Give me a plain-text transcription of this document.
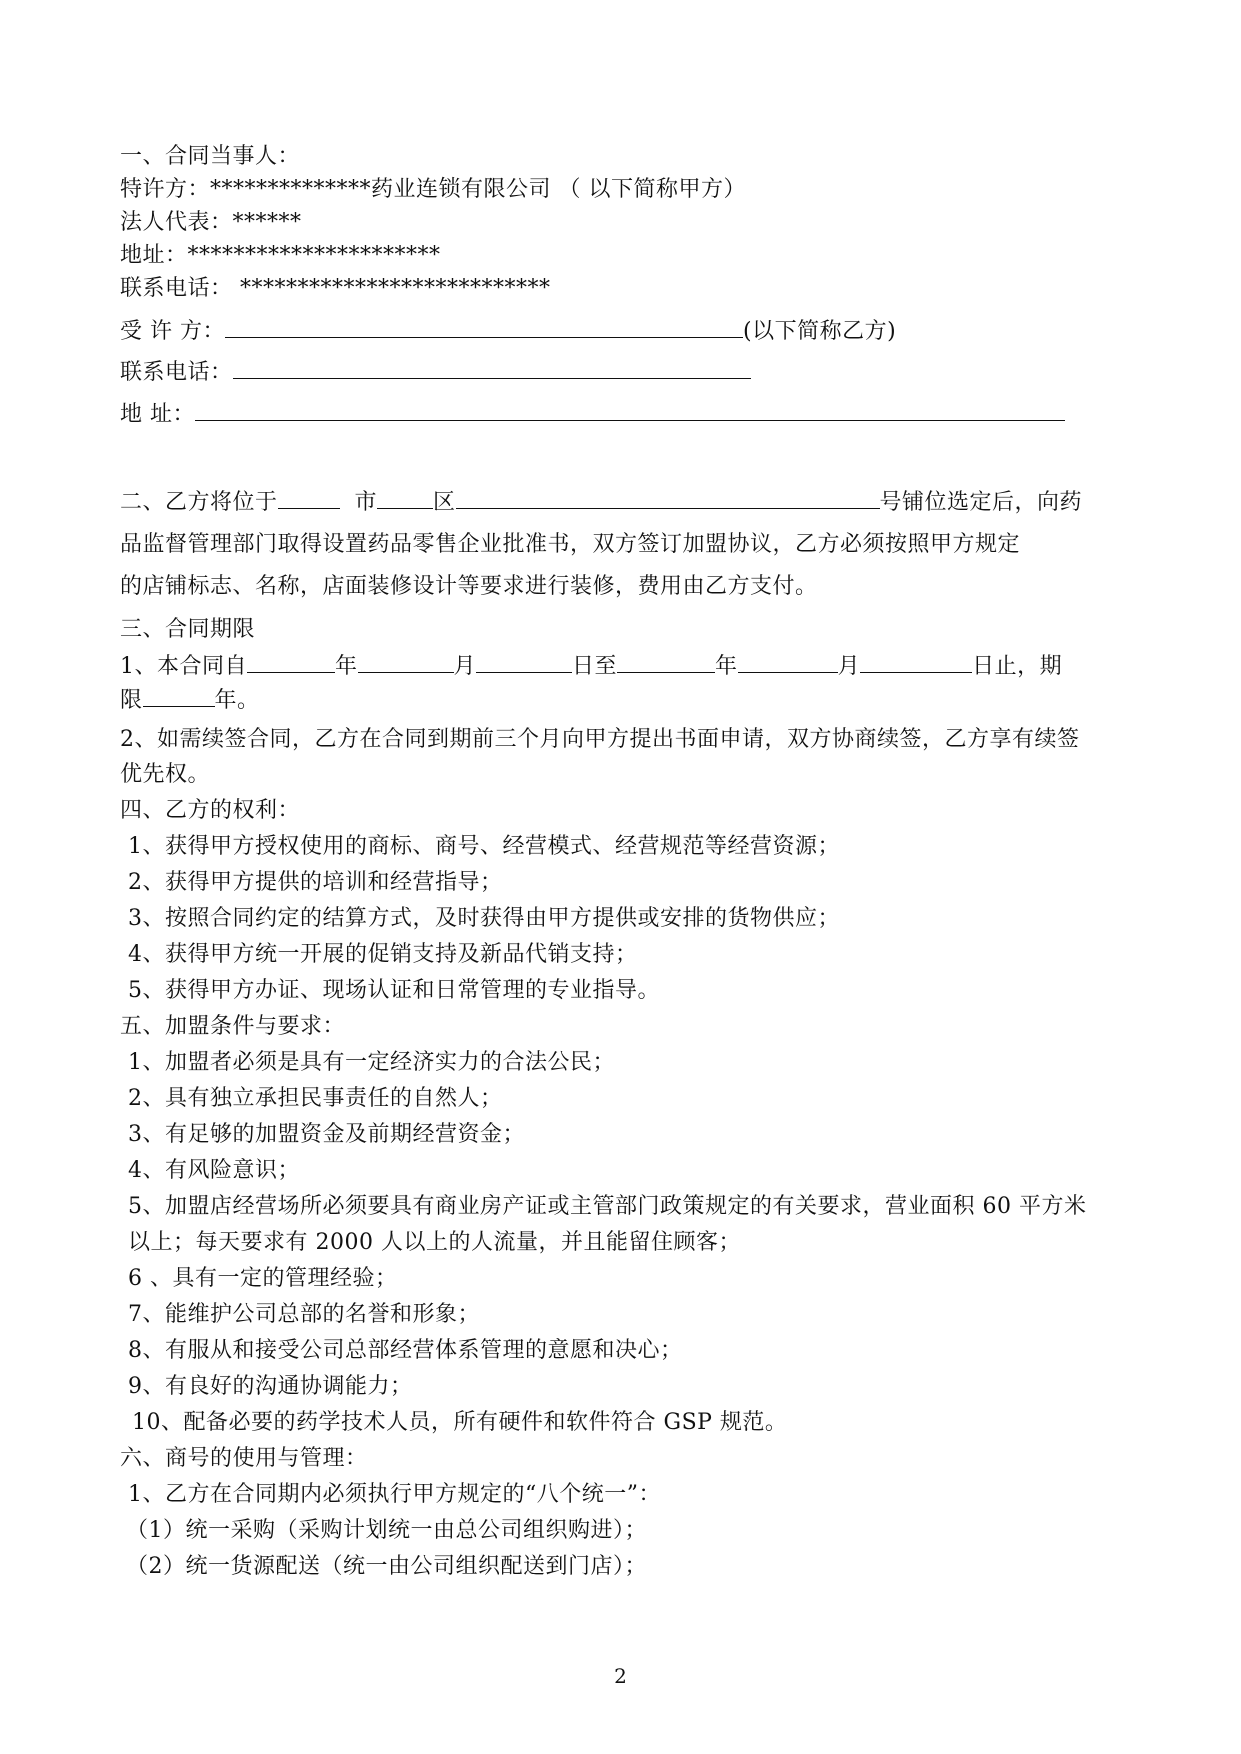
一、合同当事人：
特许方：**************药业连锁有限公司 （ 以下简称甲方）
法人代表：******
地址：**********************
联系电话： ***************************
受 许 方：	(以下简称乙方)
联系电话：
地 址：
二、乙方将位于	市	区	号铺位选定后，向药
品监督管理部门取得设置药品零售企业批准书，双方签订加盟协议，乙方必须按照甲方规定
的店铺标志、名称，店面装修设计等要求进行装修，费用由乙方支付。
三、合同期限
1、本合同自	年	月	日至	年	月	日止，期
限	年。
2、如需续签合同，乙方在合同到期前三个月向甲方提出书面申请，双方协商续签，乙方享有续签
优先权。
四、乙方的权利：
1、获得甲方授权使用的商标、商号、经营模式、经营规范等经营资源；
2、获得甲方提供的培训和经营指导；
3、按照合同约定的结算方式，及时获得由甲方提供或安排的货物供应；
4、获得甲方统一开展的促销支持及新品代销支持；
5、获得甲方办证、现场认证和日常管理的专业指导。
五、加盟条件与要求：
1、加盟者必须是具有一定经济实力的合法公民；
2、具有独立承担民事责任的自然人；
3、有足够的加盟资金及前期经营资金；
4、有风险意识；
5、加盟店经营场所必须要具有商业房产证或主管部门政策规定的有关要求，营业面积 60 平方米
以上；每天要求有 2000 人以上的人流量，并且能留住顾客；
6 、具有一定的管理经验；
7、能维护公司总部的名誉和形象；
8、有服从和接受公司总部经营体系管理的意愿和决心；
9、有良好的沟通协调能力；
10、配备必要的药学技术人员，所有硬件和软件符合 GSP 规范。
六、商号的使用与管理：
1、乙方在合同期内必须执行甲方规定的“八个统一”：
（1）统一采购（采购计划统一由总公司组织购进）；
（2）统一货源配送（统一由公司组织配送到门店）；
2
